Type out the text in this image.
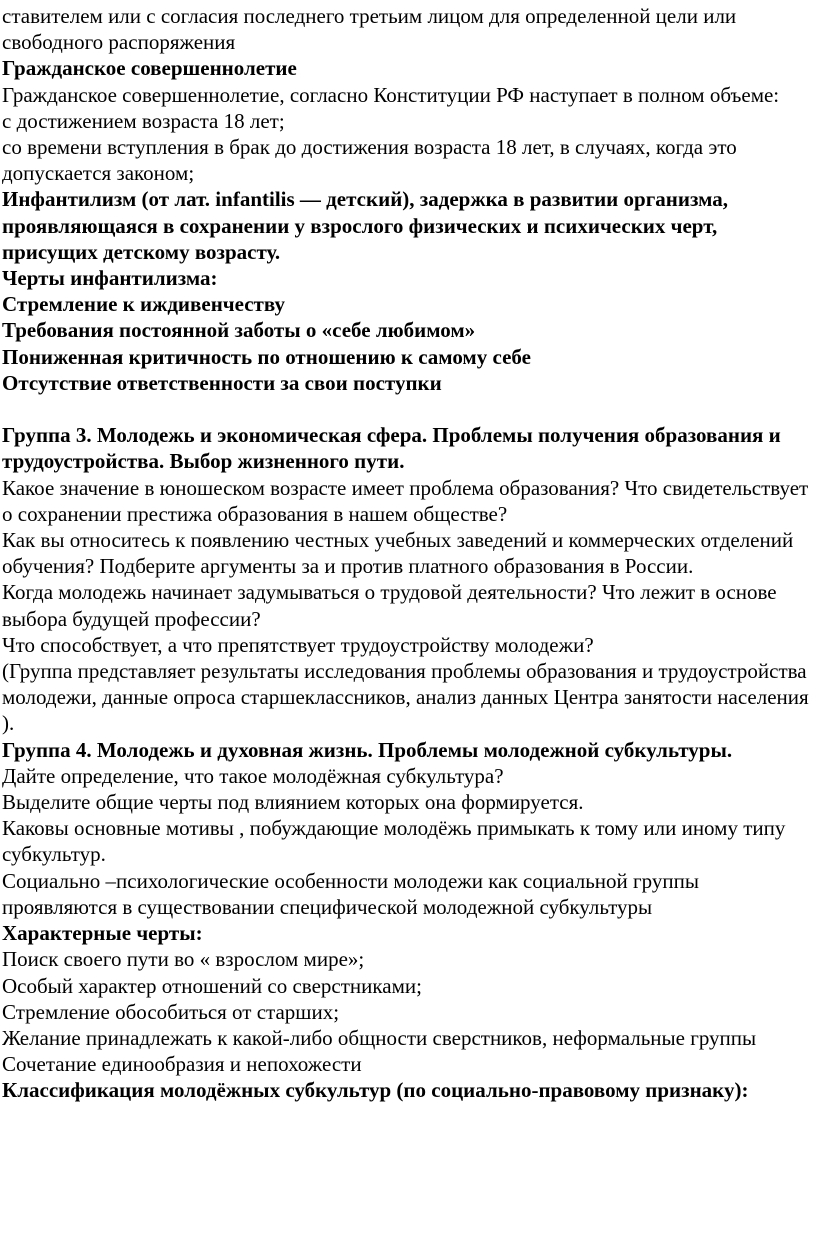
ставителем или с согласия последнего третьим лицом для определенной цели или свободного распоряжения

Гражданское совершеннолетие

Гражданское совершеннолетие, согласно Конституции РФ наступает в полном объеме:

с достижением возраста 18 лет;

со времени вступления в брак до достижения возраста 18 лет, в случаях, когда это допускается законом;

Инфантилизм (от лат. infantilis — детский), задержка в развитии организма, проявляющаяся в сохранении у взрослого физических и психических черт, присущих детскому возрасту.

Черты инфантилизма:

Стремление к иждивенчеству

Требования постоянной заботы о «себе любимом»

Пониженная критичность по отношению к самому себе

Отсутствие ответственности за свои поступки

Группа 3. Молодежь и экономическая сфера. Проблемы получения образования и трудоустройства. Выбор жизненного пути.

Какое значение в юношеском возрасте имеет проблема образования? Что свидетельствует о сохранении престижа образования в нашем обществе?

Как вы относитесь к появлению честных учебных заведений и коммерческих отделений обучения? Подберите аргументы за и против платного образования в России.

Когда молодежь начинает задумываться о трудовой деятельности? Что лежит в основе выбора будущей профессии?

Что способствует, а что препятствует трудоустройству молодежи?

(Группа представляет результаты исследования проблемы образования и трудоустройства молодежи, данные опроса старшеклассников, анализ данных Центра занятости населения ).

Группа 4. Молодежь и духовная жизнь. Проблемы молодежной субкультуры.

Дайте определение, что такое молодёжная субкультура?

Выделите общие черты под влиянием которых она формируется.

Каковы основные мотивы , побуждающие молодёжь примыкать к тому или иному типу субкультур.

Социально –психологические особенности молодежи как социальной группы проявляются в существовании специфической молодежной субкультуры

Характерные черты:

Поиск своего пути во « взрослом мире»;

Особый характер отношений со сверстниками;

Стремление обособиться от старших;

Желание принадлежать к какой-либо общности сверстников, неформальные группы

Сочетание единообразия и непохожести

Классификация молодёжных субкультур (по социально-правовому признаку):
